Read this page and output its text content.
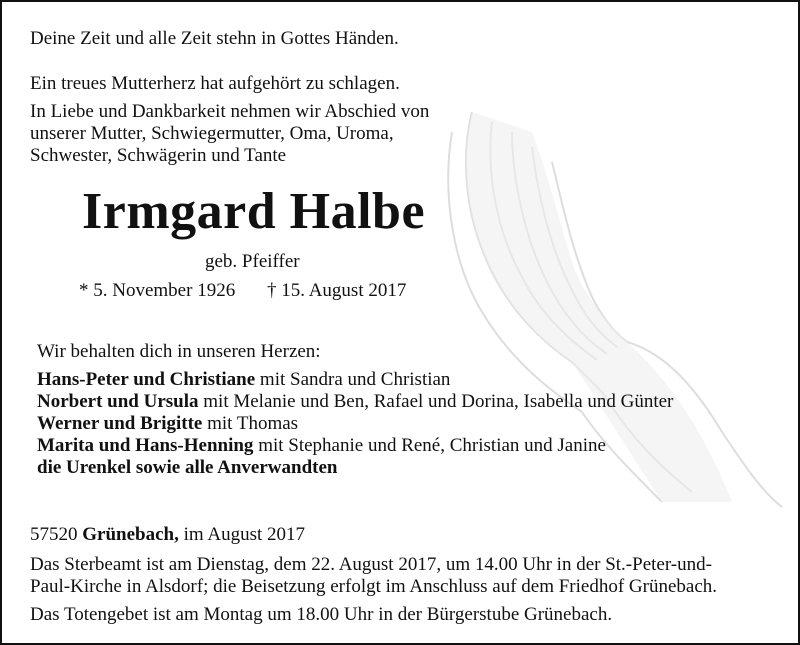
Deine Zeit und alle Zeit stehn in Gottes Händen.
Ein treues Mutterherz hat aufgehört zu schlagen.
In Liebe und Dankbarkeit nehmen wir Abschied von
unserer Mutter, Schwiegermutter, Oma, Uroma,
Schwester, Schwägerin und Tante
Irmgard Halbe
geb. Pfeiffer
* 5. November 1926 † 15. August 2017
Wir behalten dich in unseren Herzen:
Hans-Peter und Christiane mit Sandra und Christian
Norbert und Ursula mit Melanie und Ben, Rafael und Dorina, Isabella und Günter
Werner und Brigitte mit Thomas
Marita und Hans-Henning mit Stephanie und René, Christian und Janine
die Urenkel sowie alle Anverwandten
57520 Grünebach, im August 2017
Das Sterbeamt ist am Dienstag, dem 22. August 2017, um 14.00 Uhr in der St.-Peter-und-
Paul-Kirche in Alsdorf; die Beisetzung erfolgt im Anschluss auf dem Friedhof Grünebach.
Das Totengebet ist am Montag um 18.00 Uhr in der Bürgerstube Grünebach.
